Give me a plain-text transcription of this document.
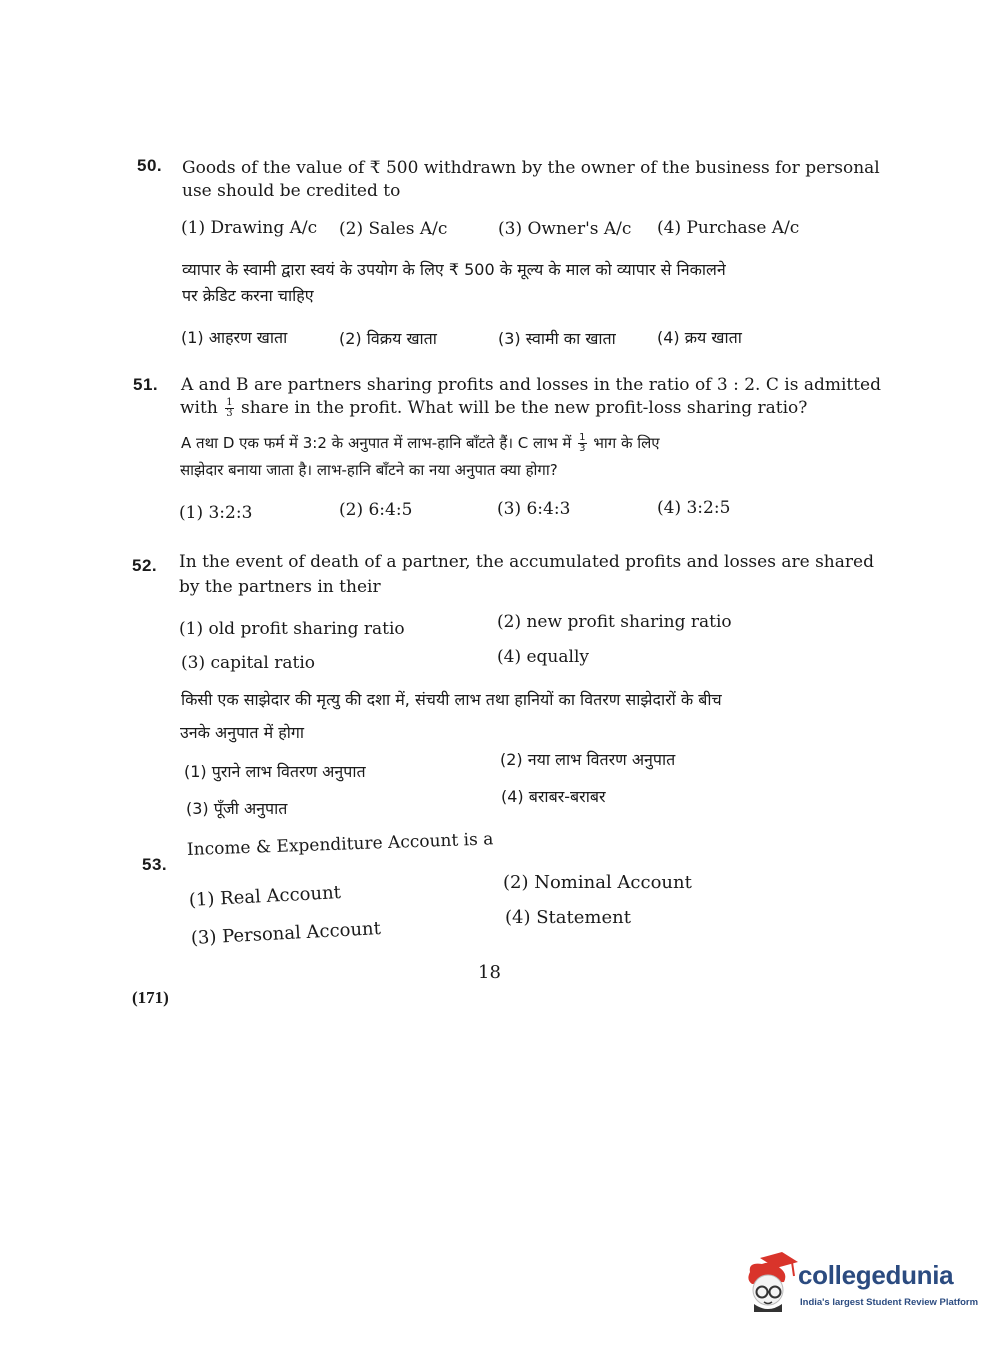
50. Goods of the value of ₹ 500 withdrawn by the owner of the business for personal
use should be credited to
(1) Drawing A/c (2) Sales A/c	(3) Owner's A/c (4) Purchase A/c
व्यापार के स्वामी द्वारा स्वयं के उपयोग के लिए ₹ 500 के मूल्य के माल को व्यापार से निकालने
पर क्रेडिट करना चाहिए
(1) आहरण खाता	(2) विक्रय खाता	(3) स्वामी का खाता	(4) क्रय खाता
51. A and B are partners sharing profits and losses in the ratio of 3 : 2. C is admitted
with $\frac{1}{3}$ share in the profit. What will be the new profit-loss sharing ratio?
A तथा D एक फर्म में 3:2 के अनुपात में लाभ-हानि बाँटते हैं। C लाभ में $\frac{1}{3}$ भाग के लिए
साझेदार बनाया जाता है। लाभ-हानि बाँटने का नया अनुपात क्या होगा?
(1) 3:2:3	(2) 6:4:5	(3) 6:4:3	(4) 3:2:5
52. In the event of death of a partner, the accumulated profits and losses are shared
by the partners in their
(1) old profit sharing ratio	(2) new profit sharing ratio
(3) capital ratio	(4) equally
किसी एक साझेदार की मृत्यु की दशा में, संचयी लाभ तथा हानियों का वितरण साझेदारों के बीच
उनके अनुपात में होगा
(1) पुराने लाभ वितरण अनुपात
(2) नया लाभ वितरण अनुपात
(3) पूँजी अनुपात
(4) बराबर-बराबर
53.
Income & Expenditure Account is a
(1) Real Account	(2) Nominal Account
(3) Personal Account
(4) Statement
18
(171)
collegedunia
India's largest Student Review Platform
